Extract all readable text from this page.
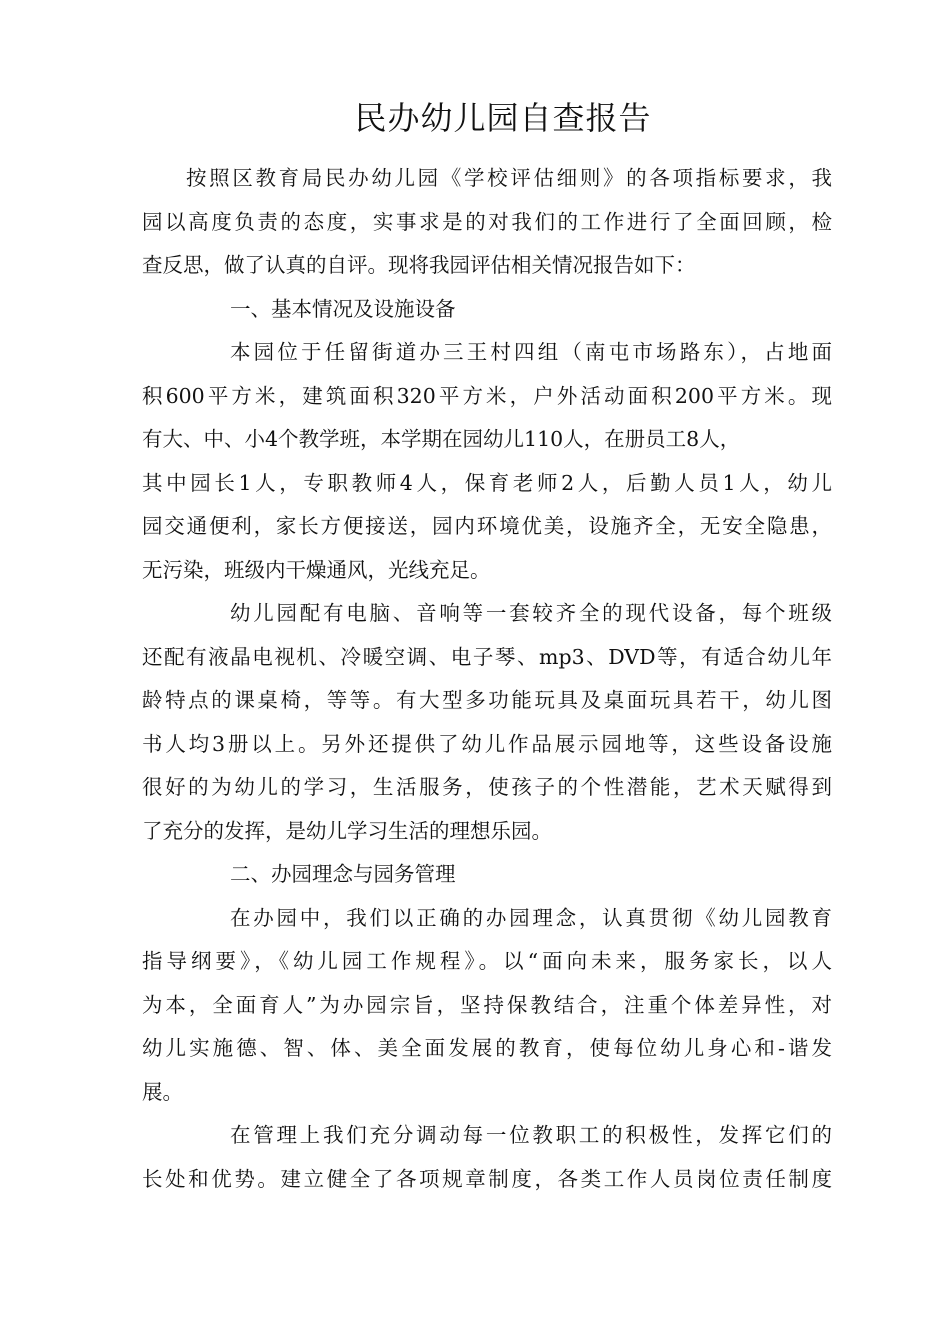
民办幼儿园自查报告
按照区教育局民办幼儿园《学校评估细则》的各项指标要求，我
园以高度负责的态度，实事求是的对我们的工作进行了全面回顾，检
查反思，做了认真的自评。现将我园评估相关情况报告如下：
一、基本情况及设施设备
本园位于任留街道办三王村四组（南屯市场路东），占地面
积600平方米，建筑面积320平方米，户外活动面积200平方米。现
有大、中、小4个教学班，本学期在园幼儿110人，在册员工8人，
其中园长1人，专职教师4人，保育老师2人，后勤人员1人，幼儿
园交通便利，家长方便接送，园内环境优美，设施齐全，无安全隐患，
无污染，班级内干燥通风，光线充足。
幼儿园配有电脑、音响等一套较齐全的现代设备，每个班级
还配有液晶电视机、冷暖空调、电子琴、mp3、DVD等，有适合幼儿年
龄特点的课桌椅，等等。有大型多功能玩具及桌面玩具若干，幼儿图
书人均3册以上。另外还提供了幼儿作品展示园地等，这些设备设施
很好的为幼儿的学习，生活服务，使孩子的个性潜能，艺术天赋得到
了充分的发挥，是幼儿学习生活的理想乐园。
二、办园理念与园务管理
在办园中，我们以正确的办园理念，认真贯彻《幼儿园教育
指导纲要》，《幼儿园工作规程》。以“面向未来，服务家长，以人
为本，全面育人”为办园宗旨，坚持保教结合，注重个体差异性，对
幼儿实施德、智、体、美全面发展的教育，使每位幼儿身心和-谐发
展。
在管理上我们充分调动每一位教职工的积极性，发挥它们的
长处和优势。建立健全了各项规章制度，各类工作人员岗位责任制度
